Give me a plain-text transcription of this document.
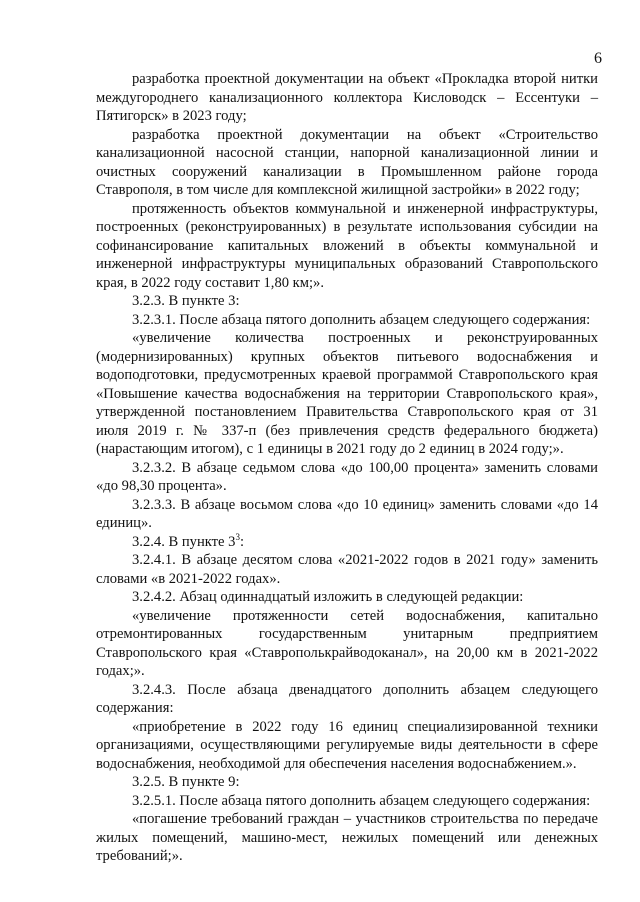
6

разработка проектной документации на объект «Прокладка второй нитки междугороднего канализационного коллектора Кисловодск – Ессентуки – Пятигорск» в 2023 году;

разработка проектной документации на объект «Строительство канализационной насосной станции, напорной канализационной линии и очистных сооружений канализации в Промышленном районе города Ставрополя, в том числе для комплексной жилищной застройки» в 2022 году;

протяженность объектов коммунальной и инженерной инфраструктуры, построенных (реконструированных) в результате использования субсидии на софинансирование капитальных вложений в объекты коммунальной и инженерной инфраструктуры муниципальных образований Ставропольского края, в 2022 году составит 1,80 км;».

3.2.3. В пункте 3:

3.2.3.1. После абзаца пятого дополнить абзацем следующего содержания:

«увеличение количества построенных и реконструированных (модернизированных) крупных объектов питьевого водоснабжения и водоподготовки, предусмотренных краевой программой Ставропольского края «Повышение качества водоснабжения на территории Ставропольского края», утвержденной постановлением Правительства Ставропольского края от 31 июля 2019 г. № 337-п (без привлечения средств федерального бюджета) (нарастающим итогом), с 1 единицы в 2021 году до 2 единиц в 2024 году;».

3.2.3.2. В абзаце седьмом слова «до 100,00 процента» заменить словами «до 98,30 процента».

3.2.3.3. В абзаце восьмом слова «до 10 единиц» заменить словами «до 14 единиц».

3.2.4. В пункте $3^3$:

3.2.4.1. В абзаце десятом слова «2021-2022 годов в 2021 году» заменить словами «в 2021-2022 годах».

3.2.4.2. Абзац одиннадцатый изложить в следующей редакции:

«увеличение протяженности сетей водоснабжения, капитально отремонтированных государственным унитарным предприятием Ставропольского края «Ставрополькрайводоканал», на 20,00 км в 2021-2022 годах;».

3.2.4.3. После абзаца двенадцатого дополнить абзацем следующего содержания:

«приобретение в 2022 году 16 единиц специализированной техники организациями, осуществляющими регулируемые виды деятельности в сфере водоснабжения, необходимой для обеспечения населения водоснабжением.».

3.2.5. В пункте 9:

3.2.5.1. После абзаца пятого дополнить абзацем следующего содержания:

«погашение требований граждан – участников строительства по передаче жилых помещений, машино-мест, нежилых помещений или денежных требований;».
